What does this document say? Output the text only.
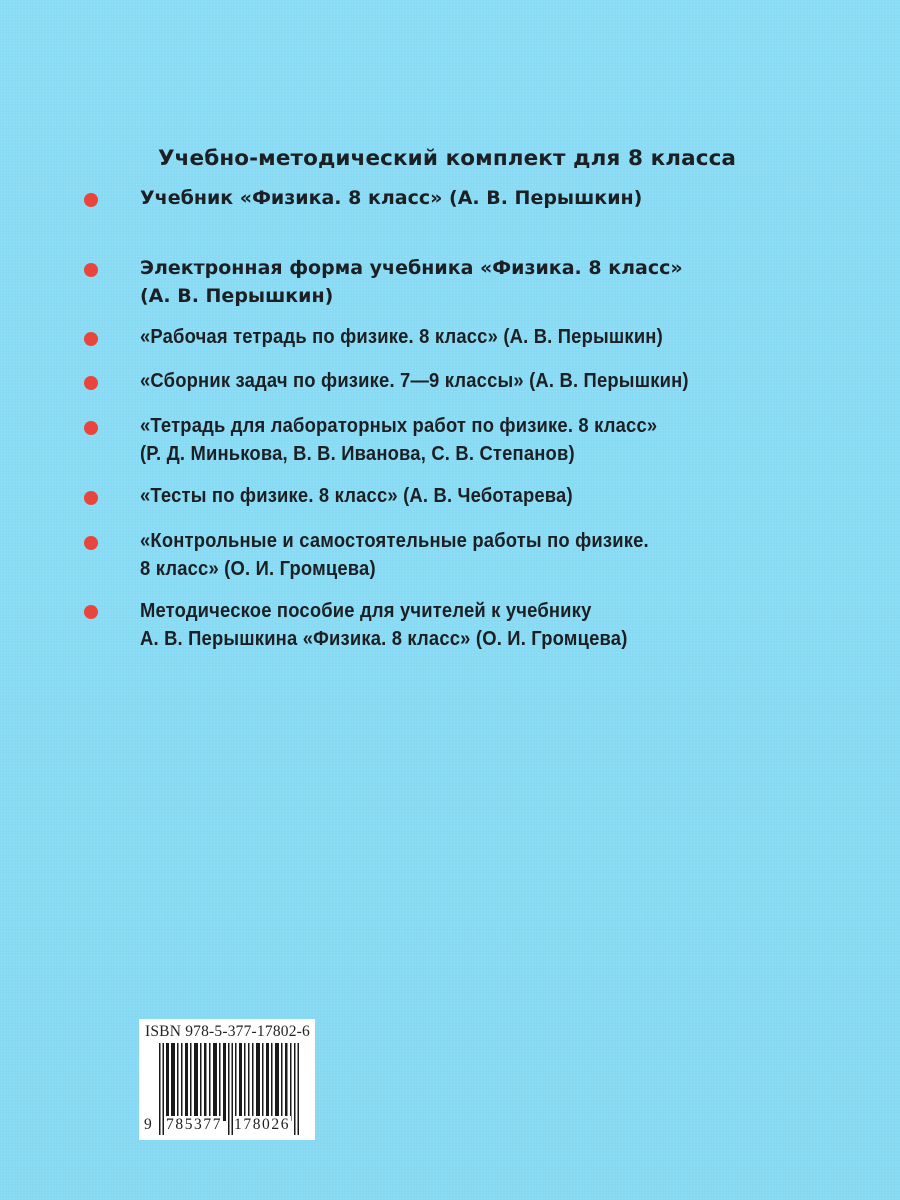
Учебно-методический комплект для 8 класса
Учебник «Физика. 8 класс» (А. В. Перышкин)
Электронная форма учебника «Физика. 8 класс»
(А. В. Перышкин)
«Рабочая тетрадь по физике. 8 класс» (А. В. Перышкин)
«Сборник задач по физике. 7—9 классы» (А. В. Перышкин)
«Тетрадь для лабораторных работ по физике. 8 класс»
(Р. Д. Минькова, В. В. Иванова, С. В. Степанов)
«Тесты по физике. 8 класс» (А. В. Чеботарева)
«Контрольные и самостоятельные работы по физике.
8 класс» (О. И. Громцева)
Методическое пособие для учителей к учебнику
А. В. Перышкина «Физика. 8 класс» (О. И. Громцева)
ISBN 978-5-377-17802-6
9 785377 178026
